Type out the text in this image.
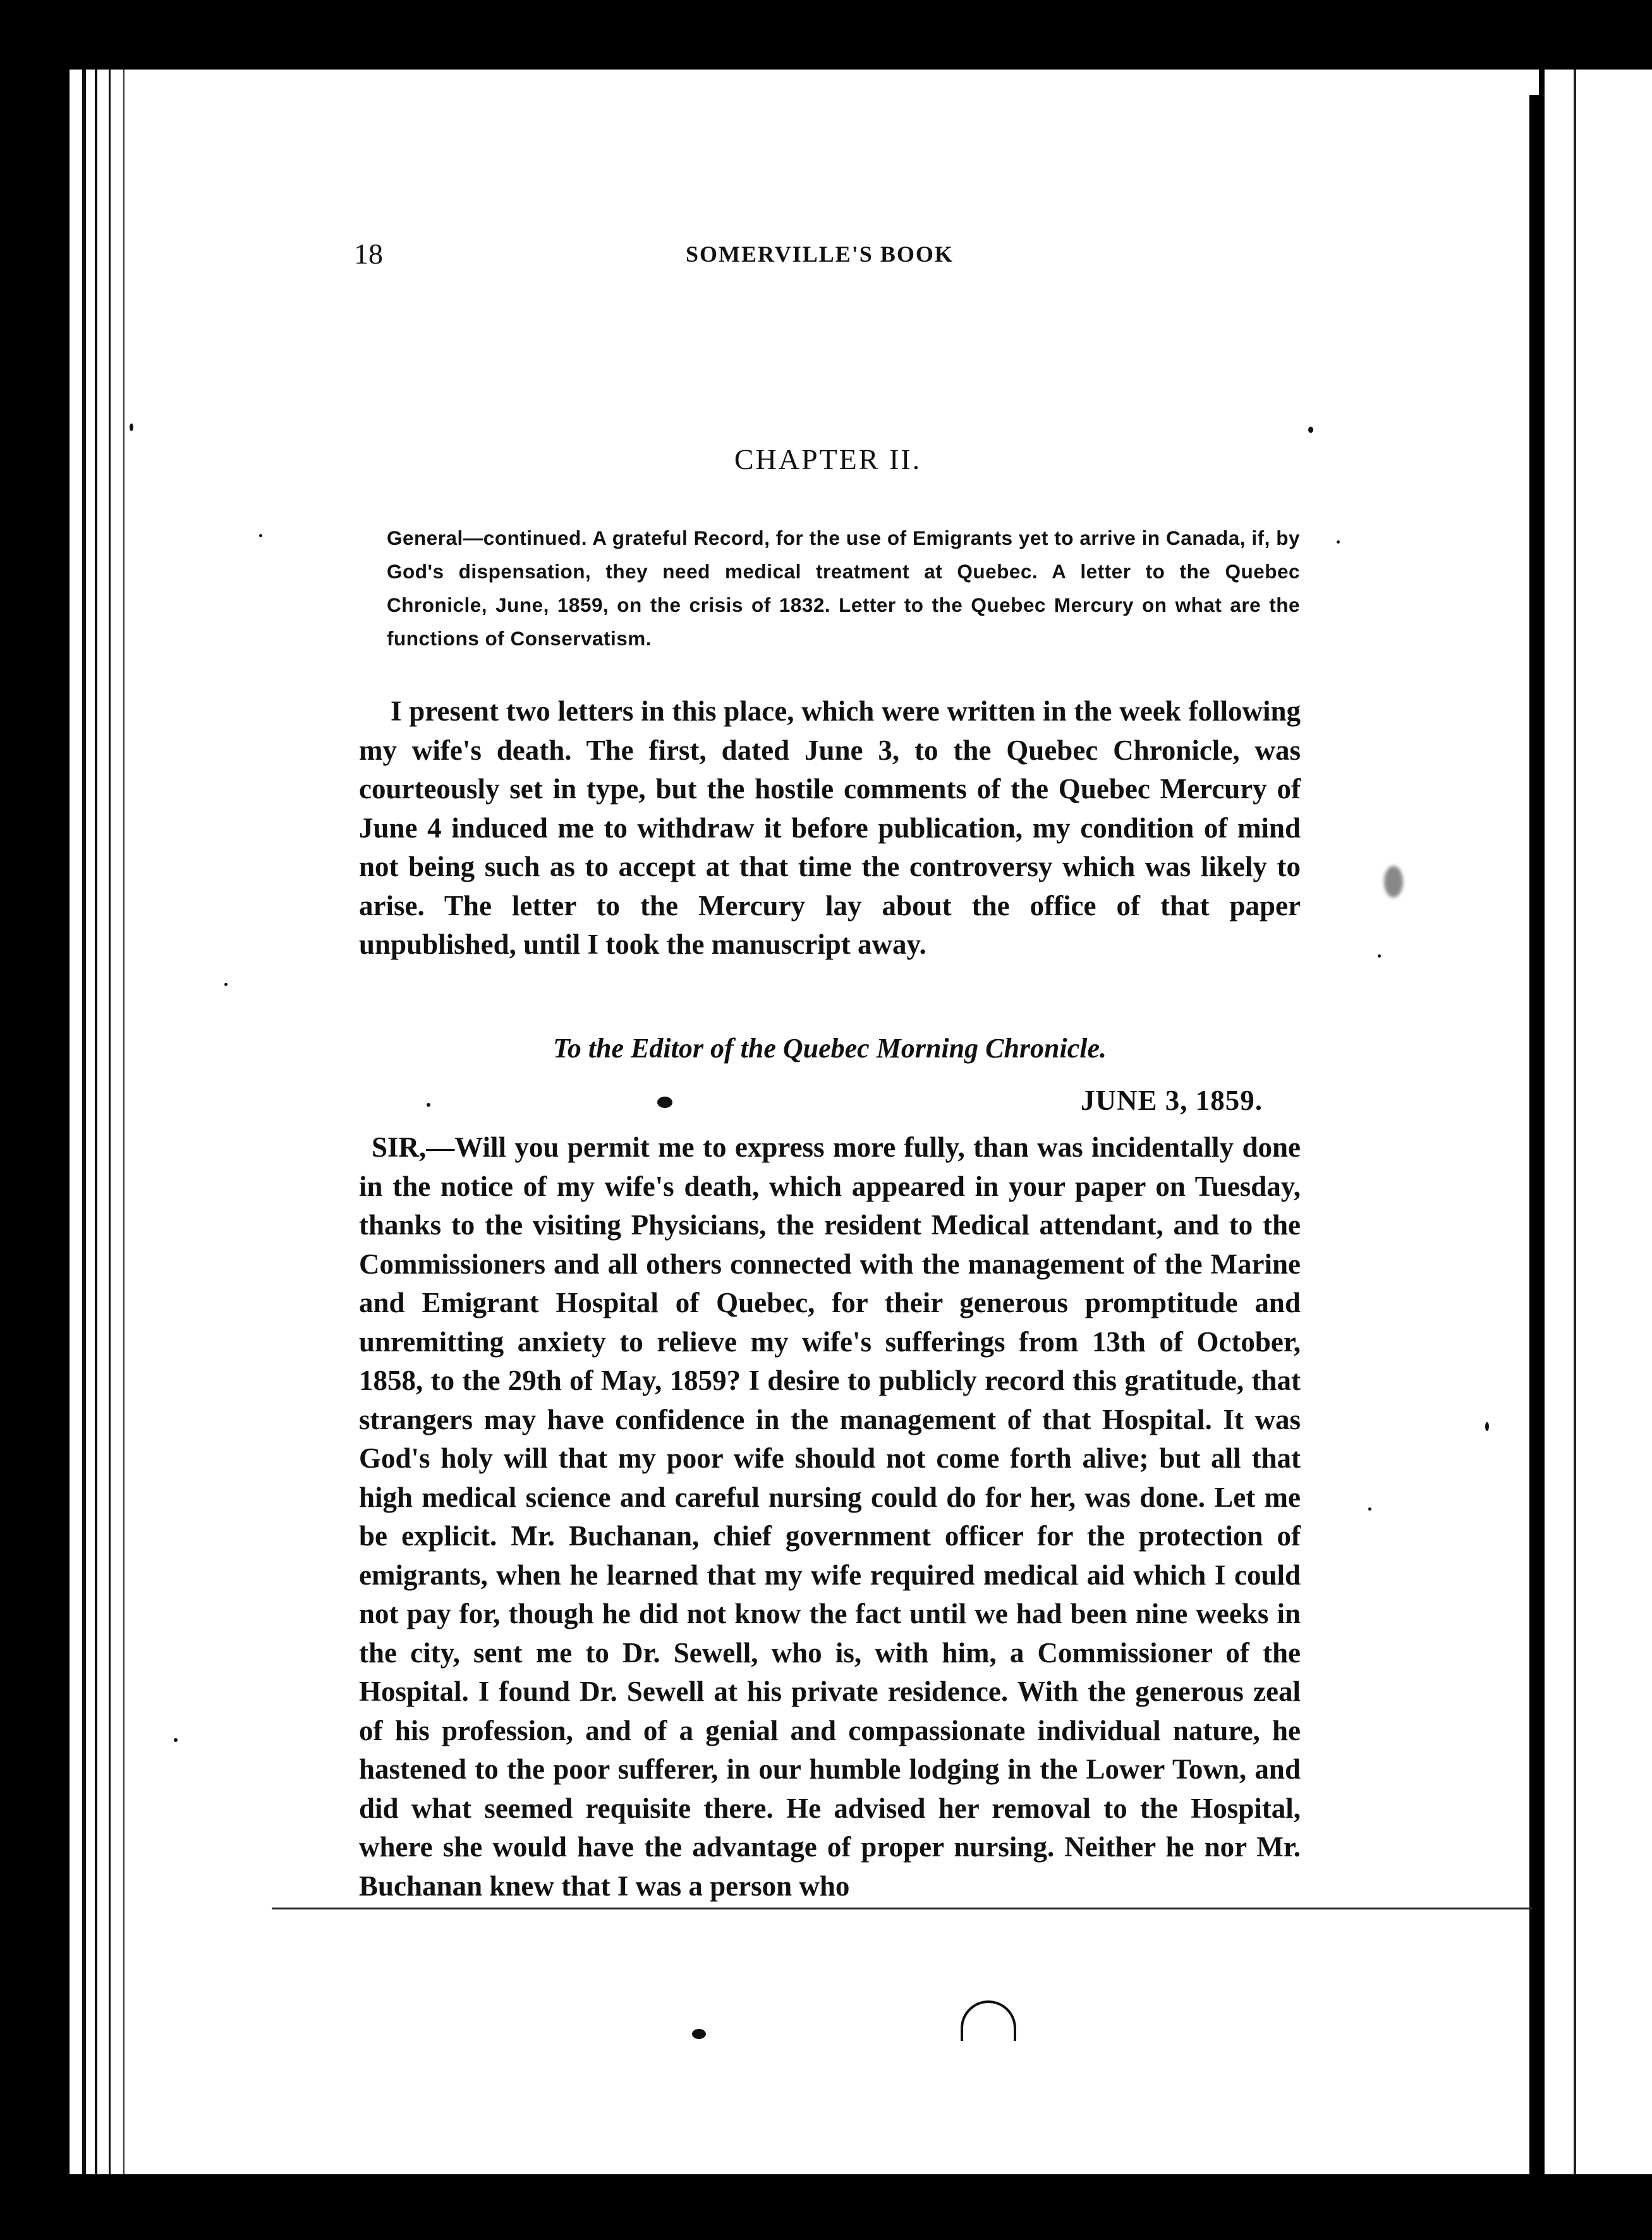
18	SOMERVILLE'S BOOK
CHAPTER II.

General—continued. A grateful Record, for the use of Emigrants yet to arrive in Canada, if, by God's dispensation, they need medical treatment at Quebec. A letter to the Quebec Chronicle, June, 1859, on the crisis of 1832. Letter to the Quebec Mercury on what are the functions of Conservatism.

I present two letters in this place, which were written in the week following my wife's death. The first, dated June 3, to the Quebec Chronicle, was courteously set in type, but the hostile comments of the Quebec Mercury of June 4 induced me to withdraw it before publication, my condition of mind not being such as to accept at that time the controversy which was likely to arise. The letter to the Mercury lay about the office of that paper unpublished, until I took the manuscript away.

To the Editor of the Quebec Morning Chronicle.
JUNE 3, 1859.

SIR,—Will you permit me to express more fully, than was incidentally done in the notice of my wife's death, which appeared in your paper on Tuesday, thanks to the visiting Physicians, the resident Medical attendant, and to the Commissioners and all others connected with the management of the Marine and Emigrant Hospital of Quebec, for their generous promptitude and unremitting anxiety to relieve my wife's sufferings from 13th of October, 1858, to the 29th of May, 1859? I desire to publicly record this gratitude, that strangers may have confidence in the management of that Hospital. It was God's holy will that my poor wife should not come forth alive; but all that high medical science and careful nursing could do for her, was done. Let me be explicit. Mr. Buchanan, chief government officer for the protection of emigrants, when he learned that my wife required medical aid which I could not pay for, though he did not know the fact until we had been nine weeks in the city, sent me to Dr. Sewell, who is, with him, a Commissioner of the Hospital. I found Dr. Sewell at his private residence. With the generous zeal of his profession, and of a genial and compassionate individual nature, he hastened to the poor sufferer, in our humble lodging in the Lower Town, and did what seemed requisite there. He advised her removal to the Hospital, where she would have the advantage of proper nursing. Neither he nor Mr. Buchanan knew that I was a person who
